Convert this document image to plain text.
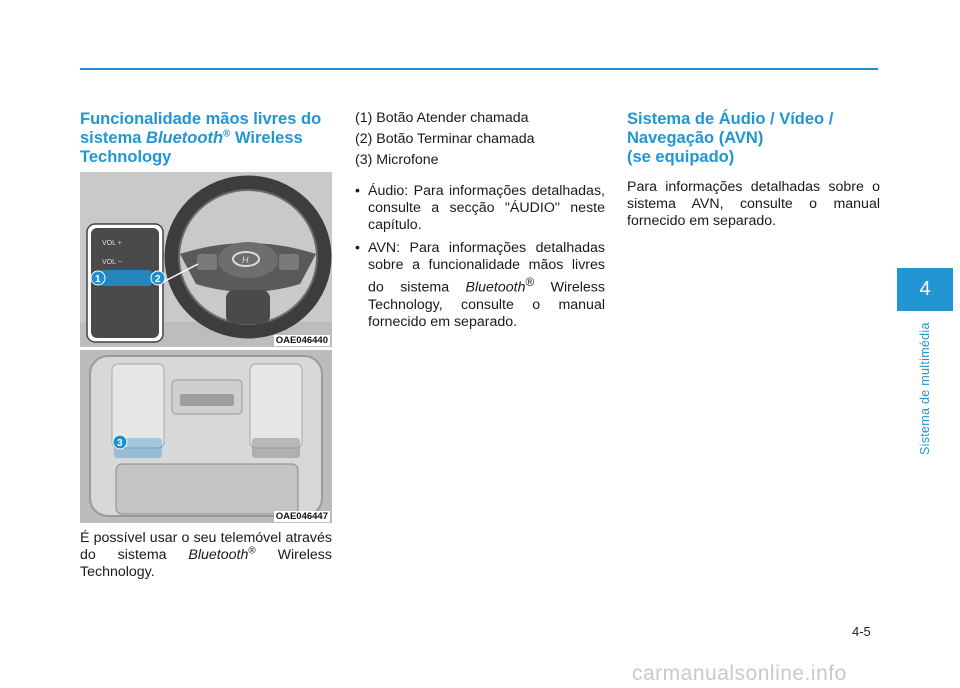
Funcionalidade mãos livres do
sistema Bluetooth® Wireless
Technology
H
VOL +
VOL −
1	2
OAE046440
3
OAE046447

É possível usar o seu telemóvel através do sistema Bluetooth® Wireless Technology.

(1) Botão Atender chamada

(2) Botão Terminar chamada

(3) Microfone

• Áudio: Para informações detalhadas, consulte a secção "ÁUDIO" neste capítulo.
• AVN: Para informações detalhadas sobre a funcionalidade mãos livres do sistema Bluetooth® Wireless Technology, consulte o manual fornecido em separado.
Sistema de Áudio / Vídeo /
Navegação (AVN)
(se equipado)

Para informações detalhadas sobre o sistema AVN, consulte o manual fornecido em separado.

4
Sistema de multimédia
4-5
carmanualsonline.info
